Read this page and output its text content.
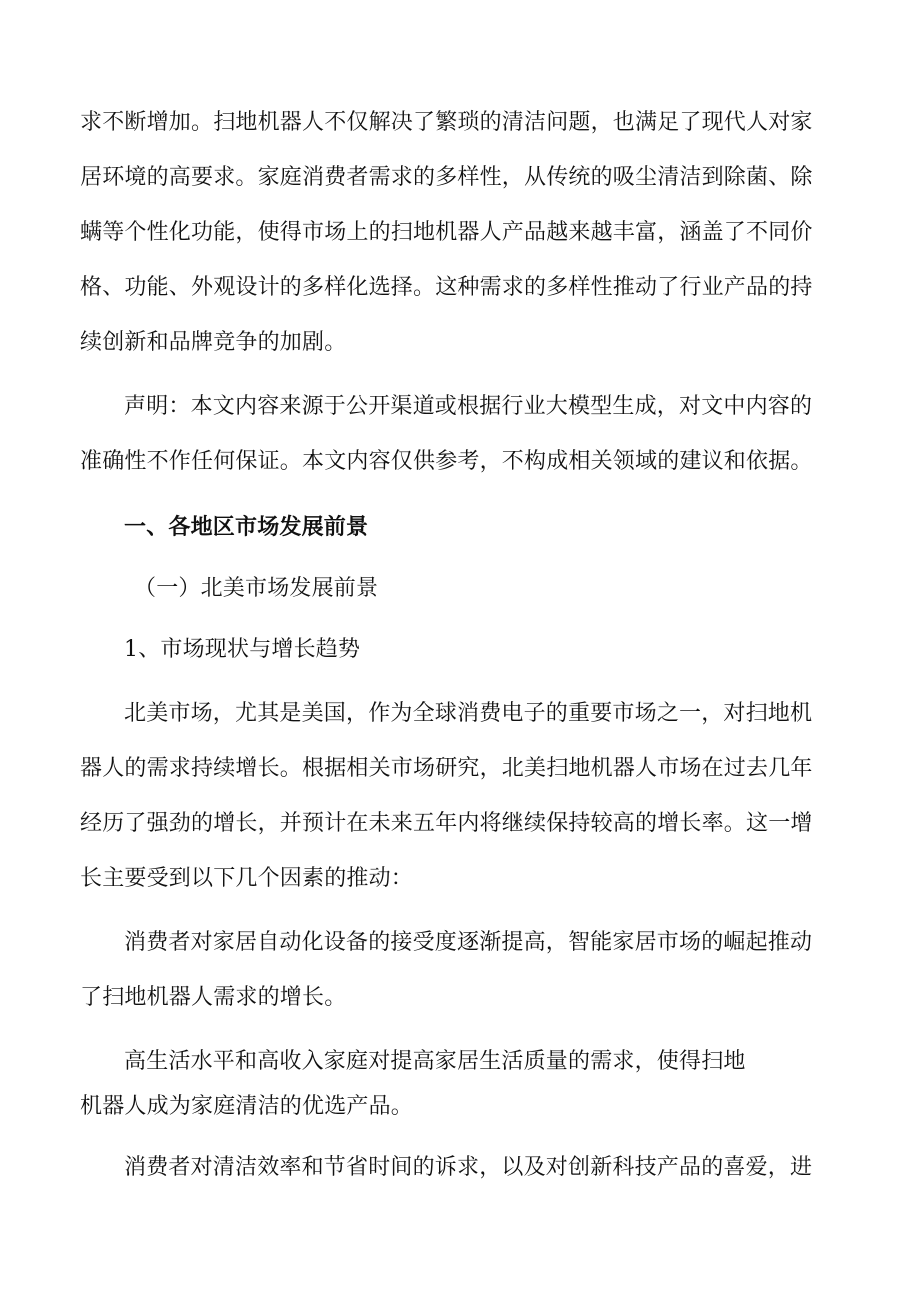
求不断增加。扫地机器人不仅解决了繁琐的清洁问题，也满足了现代人对家
居环境的高要求。家庭消费者需求的多样性，从传统的吸尘清洁到除菌、除
螨等个性化功能，使得市场上的扫地机器人产品越来越丰富，涵盖了不同价
格、功能、外观设计的多样化选择。这种需求的多样性推动了行业产品的持
续创新和品牌竞争的加剧。
声明：本文内容来源于公开渠道或根据行业大模型生成，对文中内容的
准确性不作任何保证。本文内容仅供参考，不构成相关领域的建议和依据。
一、各地区市场发展前景
（一）北美市场发展前景
1、市场现状与增长趋势
北美市场，尤其是美国，作为全球消费电子的重要市场之一，对扫地机
器人的需求持续增长。根据相关市场研究，北美扫地机器人市场在过去几年
经历了强劲的增长，并预计在未来五年内将继续保持较高的增长率。这一增
长主要受到以下几个因素的推动：
消费者对家居自动化设备的接受度逐渐提高，智能家居市场的崛起推动
了扫地机器人需求的增长。
高生活水平和高收入家庭对提高家居生活质量的需求，使得扫地
机器人成为家庭清洁的优选产品。
消费者对清洁效率和节省时间的诉求，以及对创新科技产品的喜爱，进
